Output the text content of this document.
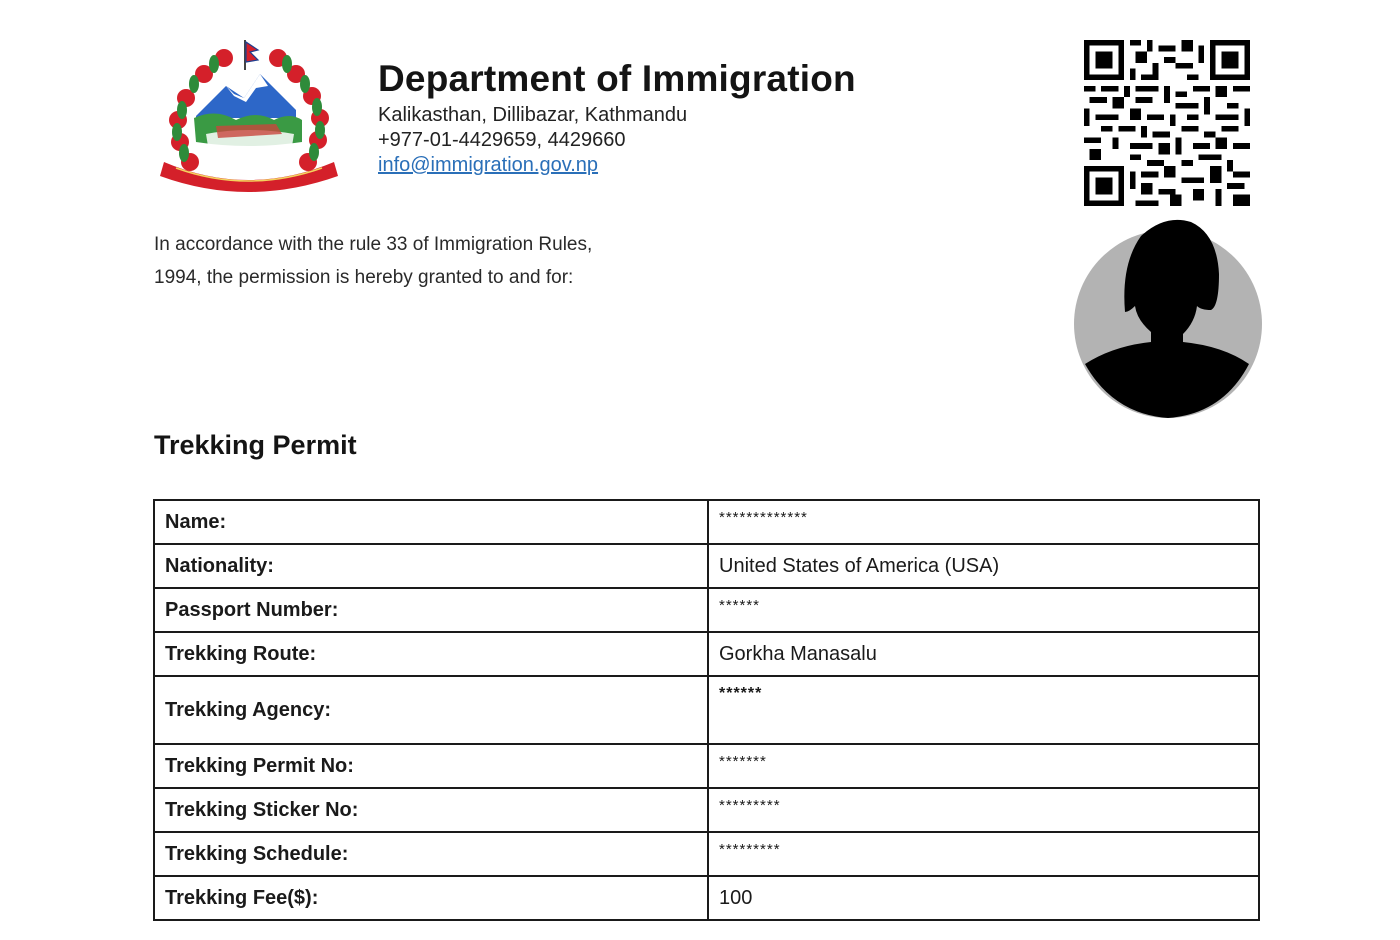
Department of Immigration
Kalikasthan, Dillibazar, Kathmandu
+977-01-4429659, 4429660
info@immigration.gov.np
In accordance with the rule 33 of Immigration Rules,
1994, the permission is hereby granted to and for:
Trekking Permit
Name:	*************
Nationality:	United States of America (USA)
Passport Number:	******
Trekking Route:	Gorkha Manasalu
Trekking Agency:	******
Trekking Permit No:	*******
Trekking Sticker No:	*********
Trekking Schedule:	*********
Trekking Fee($):	100
